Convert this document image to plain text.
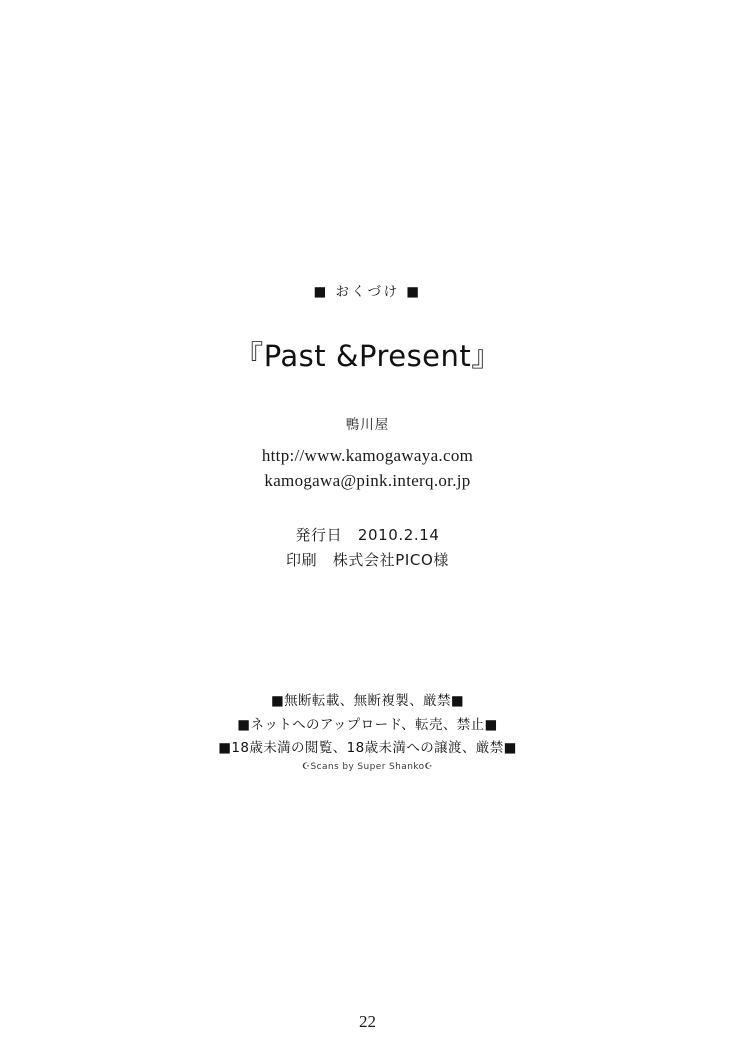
■ おくづけ ■
『Past &Present』
鴨川屋
http://www.kamogawaya.com
kamogawa@pink.interq.or.jp
発行日　2010.2.14
印刷　株式会社PICO様
■無断転載、無断複製、厳禁■
■ネットへのアップロード、転売、禁止■
■18歳未満の閲覧、18歳未満への譲渡、厳禁■
☪Scans by Super Shanko☪
22
